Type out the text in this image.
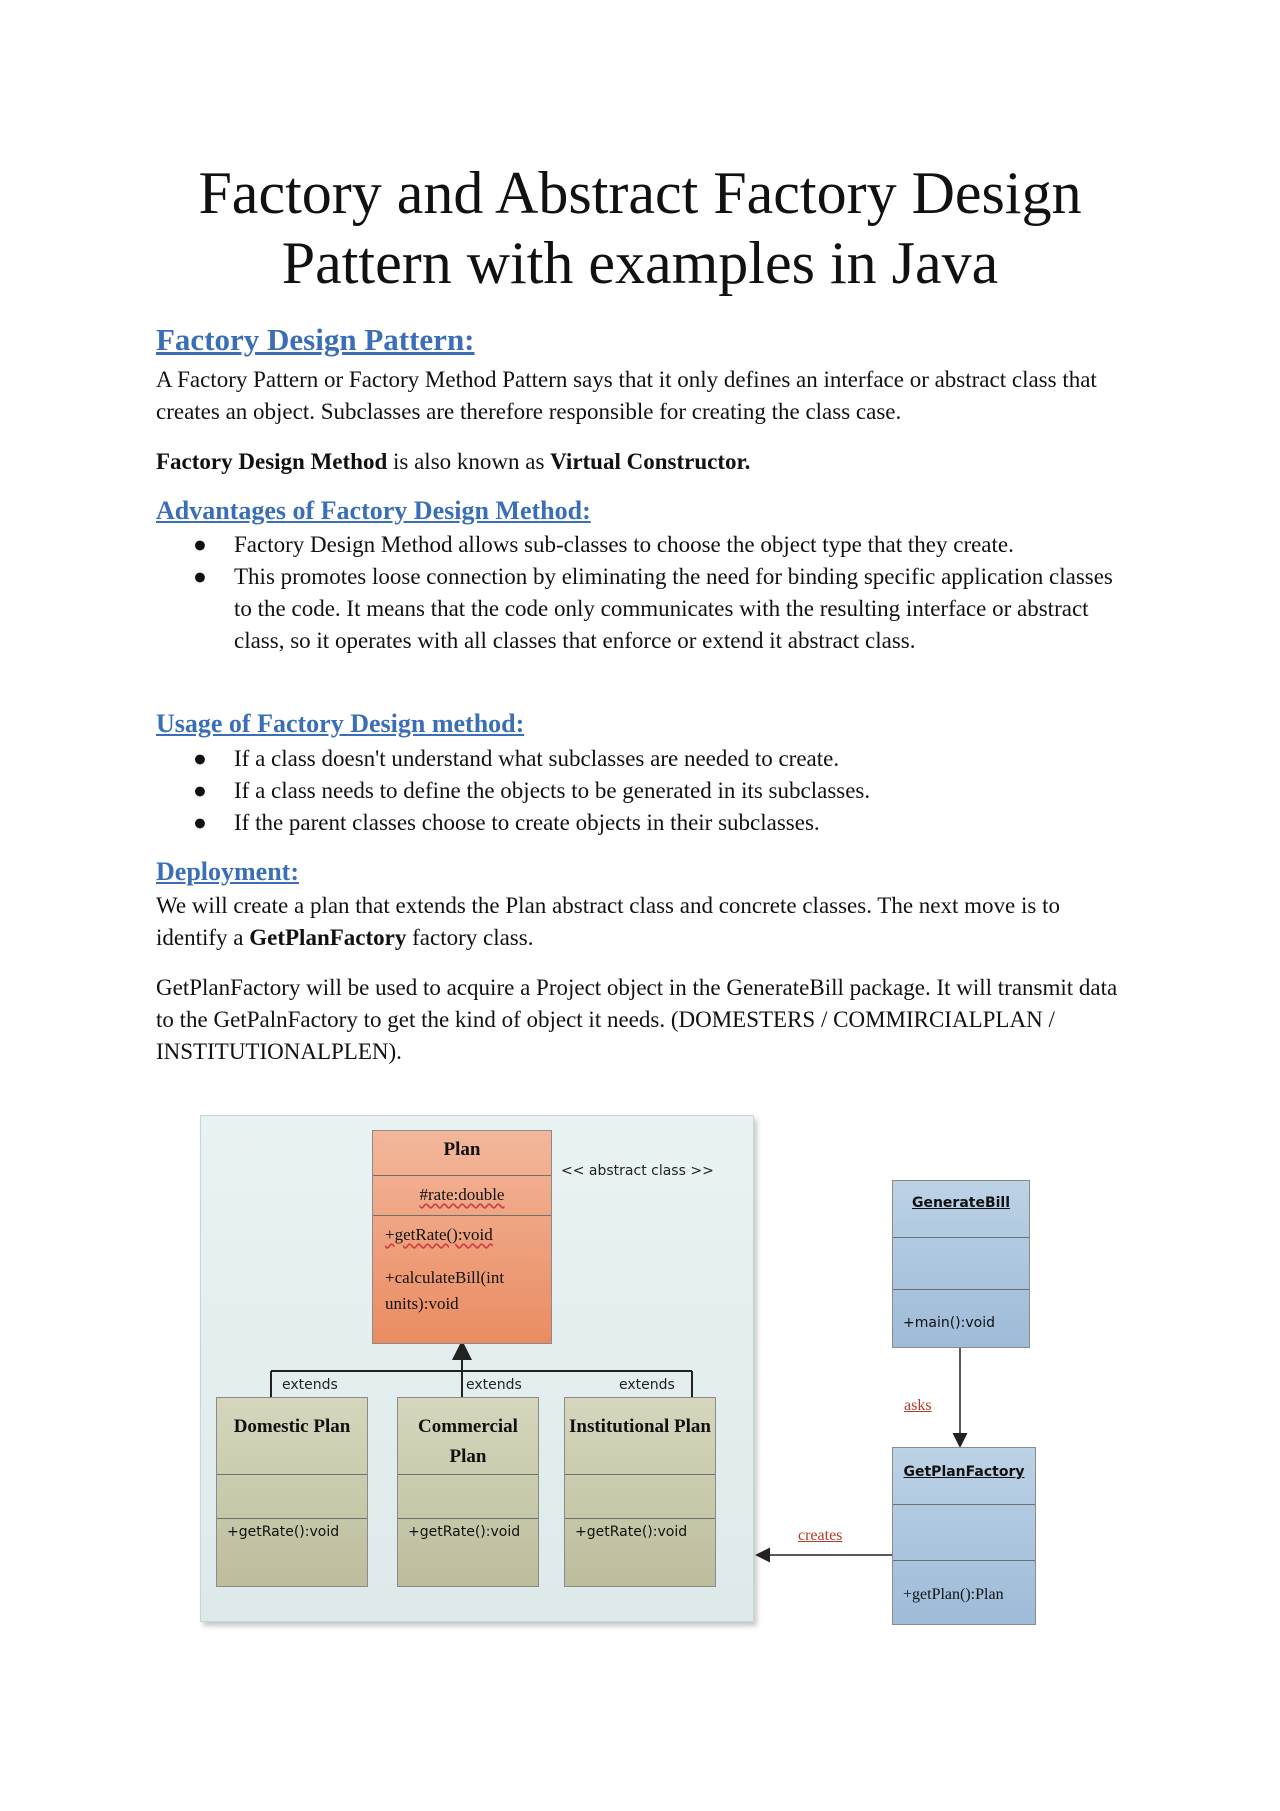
Factory and Abstract Factory Design Pattern with examples in Java
Factory Design Pattern:

A Factory Pattern or Factory Method Pattern says that it only defines an interface or abstract class that creates an object. Subclasses are therefore responsible for creating the class case.

Factory Design Method is also known as Virtual Constructor.

Advantages of Factory Design Method:
● Factory Design Method allows sub-classes to choose the object type that they create.
● This promotes loose connection by eliminating the need for binding specific application classes to the code. It means that the code only communicates with the resulting interface or abstract class, so it operates with all classes that enforce or extend it abstract class.
Usage of Factory Design method:
● If a class doesn't understand what subclasses are needed to create.
● If a class needs to define the objects to be generated in its subclasses.
● If the parent classes choose to create objects in their subclasses.
Deployment:

We will create a plan that extends the Plan abstract class and concrete classes. The next move is to identify a GetPlanFactory factory class.

GetPlanFactory will be used to acquire a Project object in the GenerateBill package. It will transmit data to the GetPalnFactory to get the kind of object it needs. (DOMESTERS / COMMIRCIALPLAN / INSTITUTIONALPLEN).

Plan
#rate:double
+getRate():void
+calculateBill(int units):void
<< abstract class >>
extends	extends	extends
Domestic Plan
+getRate():void
Commercial Plan
+getRate():void
Institutional Plan
+getRate():void
GenerateBill
+main():void
asks
GetPlanFactory
+getPlan():Plan
creates
